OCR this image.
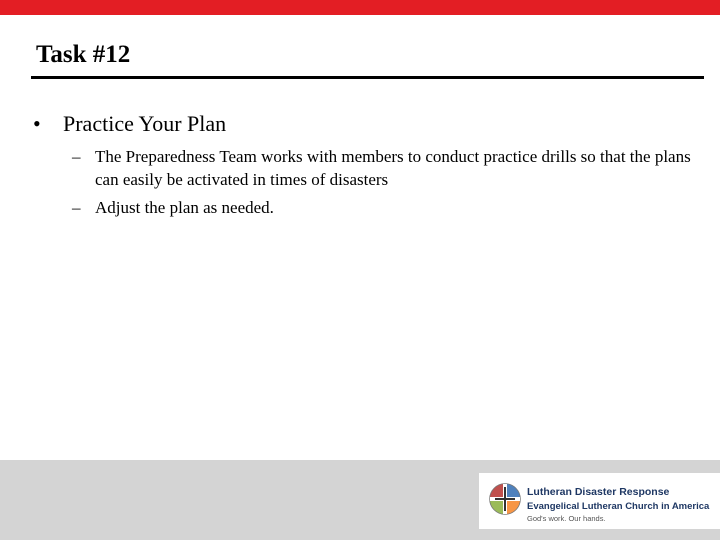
Task #12
• Practice Your Plan
– The Preparedness Team works with members to conduct practice drills so that the plans can easily be activated in times of disasters
– Adjust the plan as needed.
Lutheran Disaster Response
Evangelical Lutheran Church in America
God's work. Our hands.
